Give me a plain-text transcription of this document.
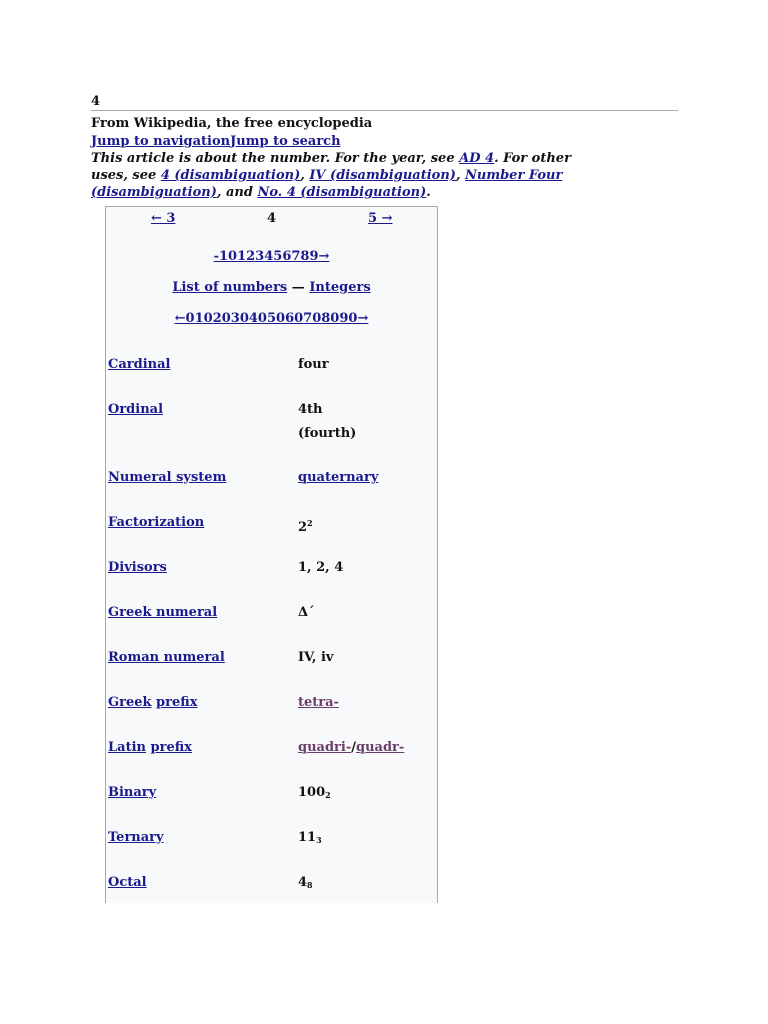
4
From Wikipedia, the free encyclopedia
Jump to navigationJump to search
This article is about the number. For the year, see AD 4. For other uses, see 4 (disambiguation), IV (disambiguation), Number Four (disambiguation), and No. 4 (disambiguation).
← 3	4	5 →
-10123456789→
List of numbers — Integers
←0102030405060708090→
Cardinal	four
Ordinal	4th
(fourth)
Numeral system	quaternary
Factorization	$2^2$
Divisors	1, 2, 4
Greek numeral	Δ´
Roman numeral	IV, iv
Greek prefix	tetra-
Latin prefix	quadri-/quadr-
Binary	$100_2$
Ternary	$11_3$
Octal	$4_8$
